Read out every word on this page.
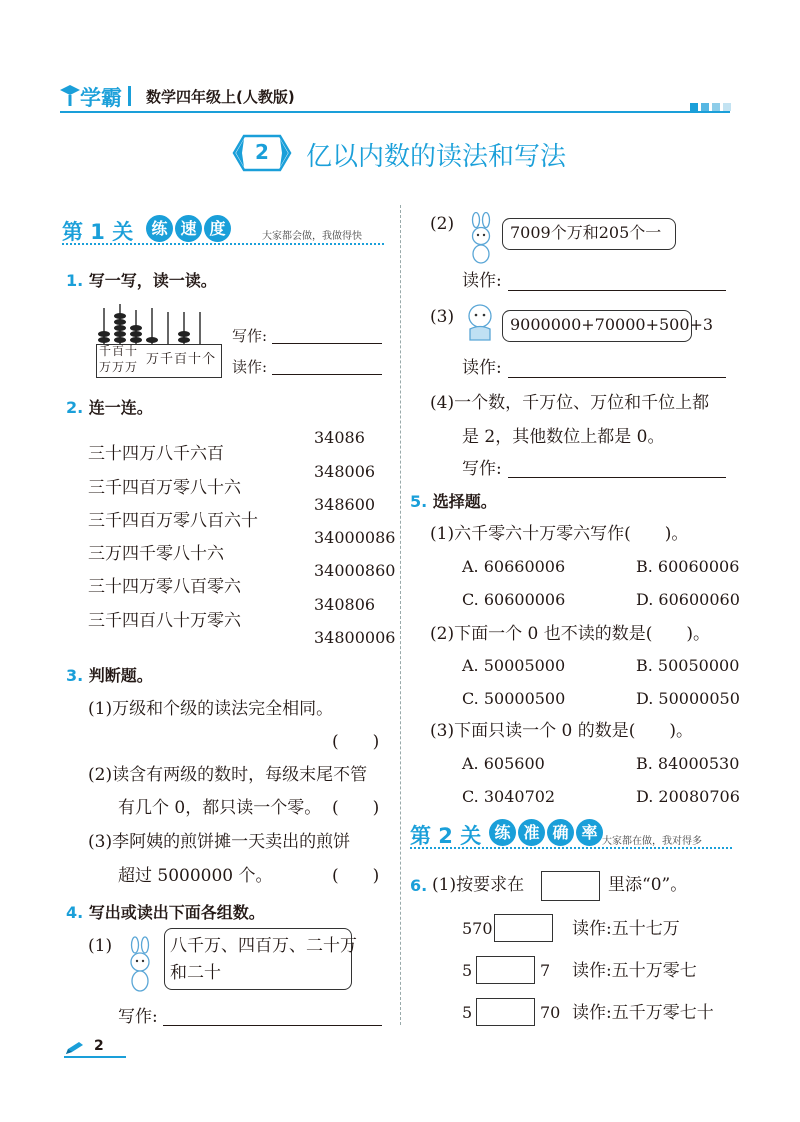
学霸 数学四年级上(人教版)
2	亿以内数的读法和写法
第 1 关	练 速 度	大家都会做，我做得快
1. 写一写，读一读。
千百十
万万万 万千百十个
写作:
读作:
2. 连一连。
三十四万八千六百
三千四百万零八十六
三千四百万零八百六十
三万四千零八十六
三十四万零八百零六
三千四百八十万零六
34086
348006
348600
34000086
34000860
340806
34800006
3. 判断题。
(1)万级和个级的读法完全相同。
(　　)
(2)读含有两级的数时，每级末尾不管
有几个 0，都只读一个零。 (　　)
(3)李阿姨的煎饼摊一天卖出的煎饼
超过 5000000 个。	(　　)
4. 写出或读出下面各组数。
(1)	八千万、四百万、二十万
和二十
写作:
(2)	7009个万和205个一
读作:
(3)	9000000+70000+500+3
读作:
(4)一个数，千万位、万位和千位上都
是 2，其他数位上都是 0。
写作:
5. 选择题。
(1)六千零六十万零六写作(　　)。
A. 60660006	B. 60060006
C. 60600006	D. 60600060
(2)下面一个 0 也不读的数是(　　)。
A. 50005000	B. 50050000
C. 50000500	D. 50000050
(3)下面只读一个 0 的数是(　　)。
A. 605600	B. 84000530
C. 3040702	D. 20080706
第 2 关 练 准 确 率 大家都在做，我对得多
6. (1)按要求在	里添“0”。
570	读作:五十七万
5	7 读作:五十万零七
5	70 读作:五千万零七十
2
